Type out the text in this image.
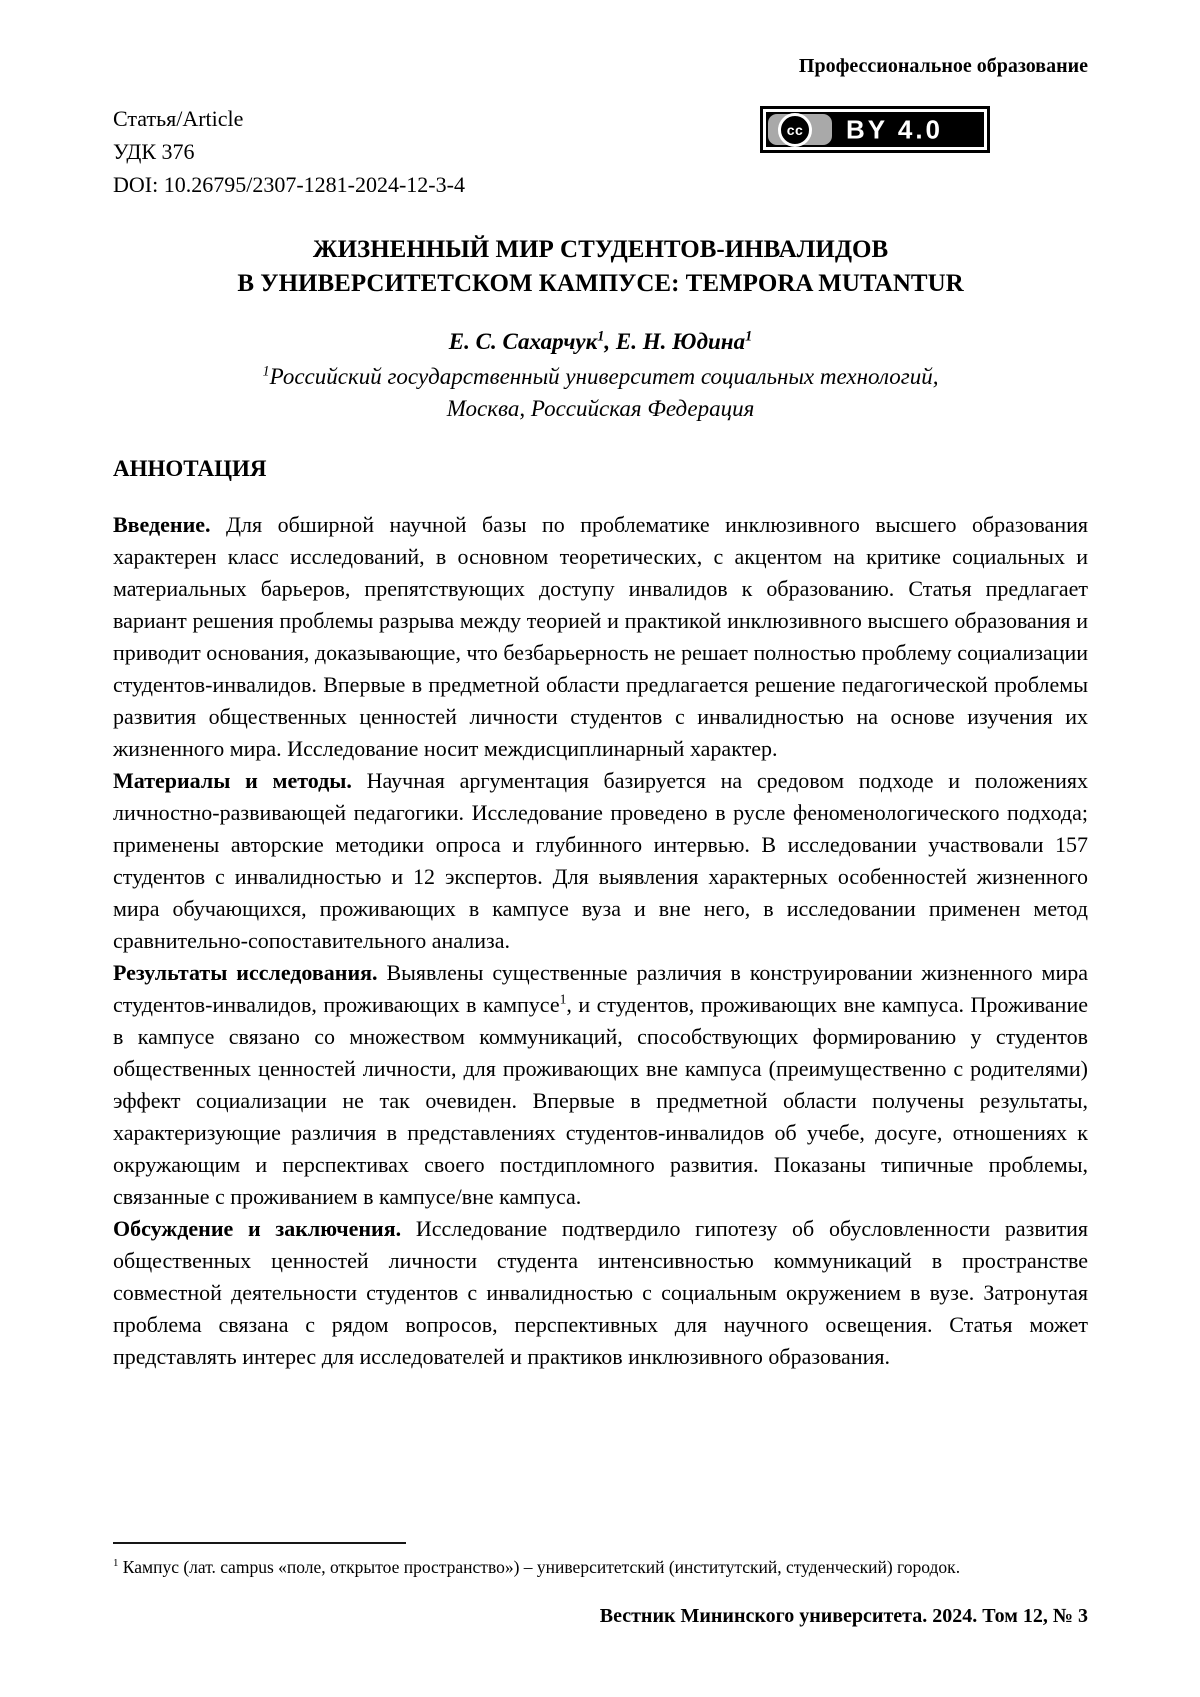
Профессиональное образование
Статья/Article
УДК 376
DOI: 10.26795/2307-1281-2024-12-3-4
cc	BY 4.0
ЖИЗНЕННЫЙ МИР СТУДЕНТОВ-ИНВАЛИДОВ
В УНИВЕРСИТЕТСКОМ КАМПУСЕ: TEMPORA MUTANTUR
Е. С. Сахарчук$^1$, Е. Н. Юдина$^1$
$^1$Российский государственный университет социальных технологий,
Москва, Российская Федерация
АННОТАЦИЯ

Введение. Для обширной научной базы по проблематике инклюзивного высшего образования характерен класс исследований, в основном теоретических, с акцентом на критике социальных и материальных барьеров, препятствующих доступу инвалидов к образованию. Статья предлагает вариант решения проблемы разрыва между теорией и практикой инклюзивного высшего образования и приводит основания, доказывающие, что безбарьерность не решает полностью проблему социализации студентов-инвалидов. Впервые в предметной области предлагается решение педагогической проблемы развития общественных ценностей личности студентов с инвалидностью на основе изучения их жизненного мира. Исследование носит междисциплинарный характер.

Материалы и методы. Научная аргументация базируется на средовом подходе и положениях личностно-развивающей педагогики. Исследование проведено в русле феноменологического подхода; применены авторские методики опроса и глубинного интервью. В исследовании участвовали 157 студентов с инвалидностью и 12 экспертов. Для выявления характерных особенностей жизненного мира обучающихся, проживающих в кампусе вуза и вне него, в исследовании применен метод сравнительно-сопоставительного анализа.

Результаты исследования. Выявлены существенные различия в конструировании жизненного мира студентов-инвалидов, проживающих в кампусе$^1$, и студентов, проживающих вне кампуса. Проживание в кампусе связано со множеством коммуникаций, способствующих формированию у студентов общественных ценностей личности, для проживающих вне кампуса (преимущественно с родителями) эффект социализации не так очевиден. Впервые в предметной области получены результаты, характеризующие различия в представлениях студентов-инвалидов об учебе, досуге, отношениях к окружающим и перспективах своего постдипломного развития. Показаны типичные проблемы, связанные с проживанием в кампусе/вне кампуса.

Обсуждение и заключения. Исследование подтвердило гипотезу об обусловленности развития общественных ценностей личности студента интенсивностью коммуникаций в пространстве совместной деятельности студентов с инвалидностью с социальным окружением в вузе. Затронутая проблема связана с рядом вопросов, перспективных для научного освещения. Статья может представлять интерес для исследователей и практиков инклюзивного образования.

$^1$ Кампус (лат. campus «поле, открытое пространство») – университетский (институтский, студенческий) городок.
Вестник Мининского университета. 2024. Том 12, № 3
